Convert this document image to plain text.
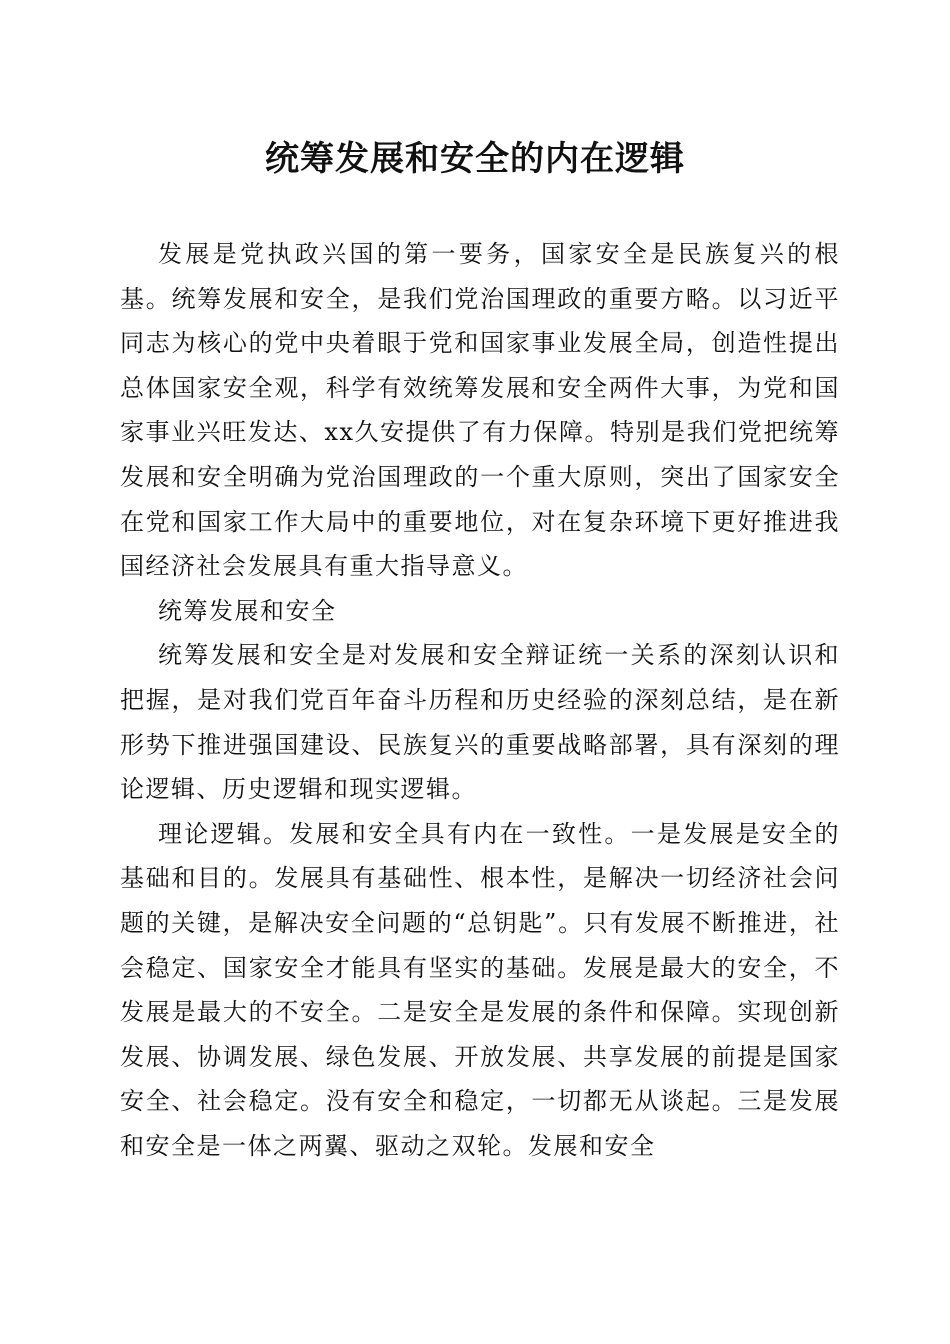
统筹发展和安全的内在逻辑

发展是党执政兴国的第一要务，国家安全是民族复兴的根基。统筹发展和安全，是我们党治国理政的重要方略。以习近平同志为核心的党中央着眼于党和国家事业发展全局，创造性提出总体国家安全观，科学有效统筹发展和安全两件大事，为党和国家事业兴旺发达、xx久安提供了有力保障。特别是我们党把统筹发展和安全明确为党治国理政的一个重大原则，突出了国家安全在党和国家工作大局中的重要地位，对在复杂环境下更好推进我国经济社会发展具有重大指导意义。

统筹发展和安全

统筹发展和安全是对发展和安全辩证统一关系的深刻认识和把握，是对我们党百年奋斗历程和历史经验的深刻总结，是在新形势下推进强国建设、民族复兴的重要战略部署，具有深刻的理论逻辑、历史逻辑和现实逻辑。

理论逻辑。发展和安全具有内在一致性。一是发展是安全的基础和目的。发展具有基础性、根本性，是解决一切经济社会问题的关键，是解决安全问题的“总钥匙”。只有发展不断推进，社会稳定、国家安全才能具有坚实的基础。发展是最大的安全，不发展是最大的不安全。二是安全是发展的条件和保障。实现创新发展、协调发展、绿色发展、开放发展、共享发展的前提是国家安全、社会稳定。没有安全和稳定，一切都无从谈起。三是发展和安全是一体之两翼、驱动之双轮。发展和安全
